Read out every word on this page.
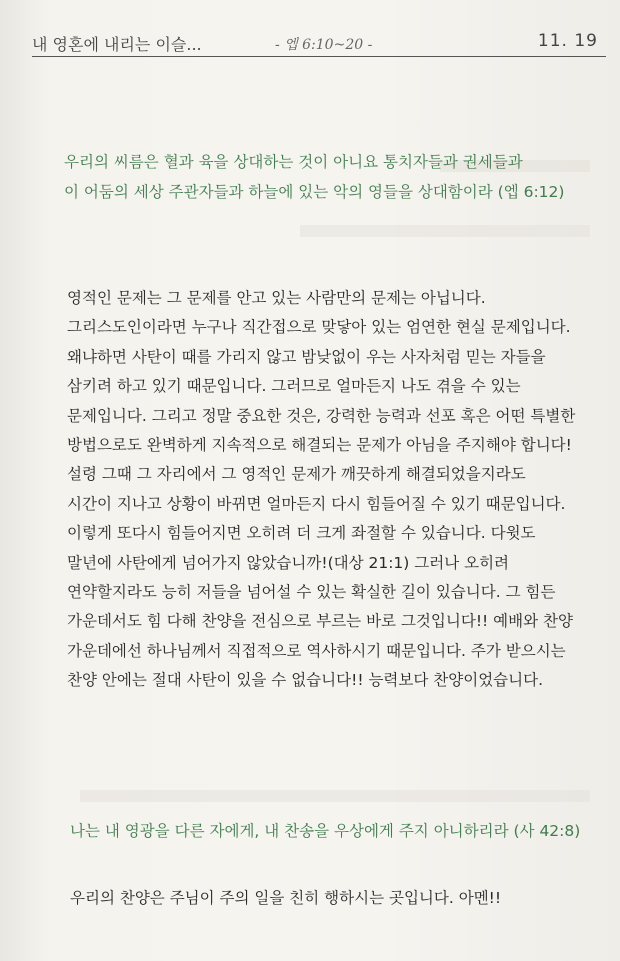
내 영혼에 내리는 이슬...	- 엡 6:10~20 -	11. 19
우리의 씨름은 혈과 육을 상대하는 것이 아니요 통치자들과 권세들과
이 어둠의 세상 주관자들과 하늘에 있는 악의 영들을 상대함이라 (엡 6:12)
영적인 문제는 그 문제를 안고 있는 사람만의 문제는 아닙니다.
그리스도인이라면 누구나 직간접으로 맞닿아 있는 엄연한 현실 문제입니다.
왜냐하면 사탄이 때를 가리지 않고 밤낮없이 우는 사자처럼 믿는 자들을
삼키려 하고 있기 때문입니다. 그러므로 얼마든지 나도 겪을 수 있는
문제입니다. 그리고 정말 중요한 것은, 강력한 능력과 선포 혹은 어떤 특별한
방법으로도 완벽하게 지속적으로 해결되는 문제가 아님을 주지해야 합니다!
설령 그때 그 자리에서 그 영적인 문제가 깨끗하게 해결되었을지라도
시간이 지나고 상황이 바뀌면 얼마든지 다시 힘들어질 수 있기 때문입니다.
이렇게 또다시 힘들어지면 오히려 더 크게 좌절할 수 있습니다. 다윗도
말년에 사탄에게 넘어가지 않았습니까!(대상 21:1) 그러나 오히려
연약할지라도 능히 저들을 넘어설 수 있는 확실한 길이 있습니다. 그 힘든
가운데서도 힘 다해 찬양을 전심으로 부르는 바로 그것입니다!! 예배와 찬양
가운데에선 하나님께서 직접적으로 역사하시기 때문입니다. 주가 받으시는
찬양 안에는 절대 사탄이 있을 수 없습니다!! 능력보다 찬양이었습니다.
나는 내 영광을 다른 자에게, 내 찬송을 우상에게 주지 아니하리라 (사 42:8)
우리의 찬양은 주님이 주의 일을 친히 행하시는 곳입니다. 아멘!!
